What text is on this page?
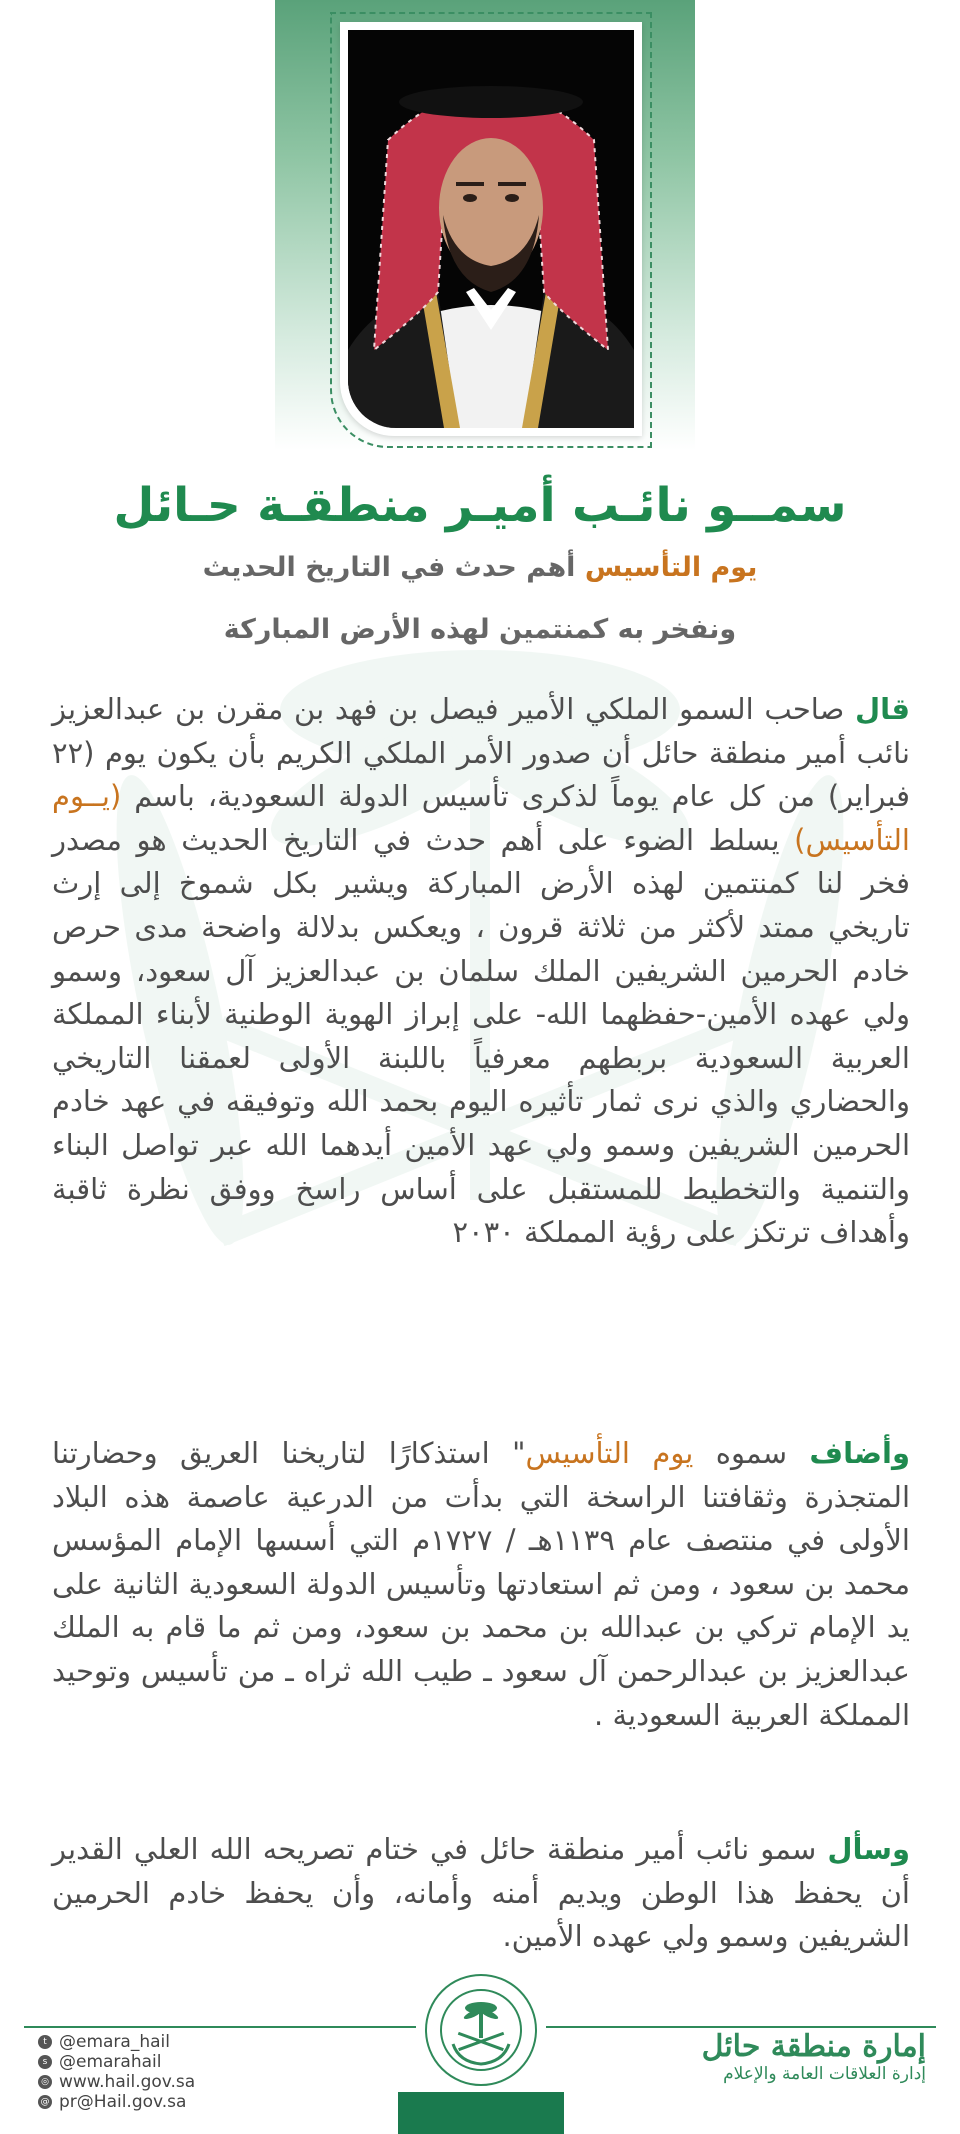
سمــو نائـب أميـر منطقـة حـائل

يوم التأسيس أهم حدث في التاريخ الحديث

ونفخر به كمنتمين لهذه الأرض المباركة

قال صاحب السمو الملكي الأمير فيصل بن فهد بن مقرن بن عبدالعزيز نائب أمير منطقة حائل أن صدور الأمر الملكي الكريم بأن يكون يوم (٢٢ فبراير) من كل عام يوماً لذكرى تأسيس الدولة السعودية، باسم (يــوم التأسيس) يسلط الضوء على أهم حدث في التاريخ الحديث هو مصدر فخر لنا كمنتمين لهذه الأرض المباركة ويشير بكل شموخ إلى إرث تاريخي ممتد لأكثر من ثلاثة قرون ، ويعكس بدلالة واضحة مدى حرص خادم الحرمين الشريفين الملك سلمان بن عبدالعزيز آل سعود، وسمو ولي عهده الأمين-حفظهما الله- على إبراز الهوية الوطنية لأبناء المملكة العربية السعودية بربطهم معرفياً باللبنة الأولى لعمقنا التاريخي والحضاري والذي نرى ثمار تأثيره اليوم بحمد الله وتوفيقه في عهد خادم الحرمين الشريفين وسمو ولي عهد الأمين أيدهما الله عبر تواصل البناء والتنمية والتخطيط للمستقبل على أساس راسخ ووفق نظرة ثاقبة وأهداف ترتكز على رؤية المملكة ٢٠٣٠

وأضاف سموه يوم التأسيس" استذكارًا لتاريخنا العريق وحضارتنا المتجذرة وثقافتنا الراسخة التي بدأت من الدرعية عاصمة هذه البلاد الأولى في منتصف عام ١١٣٩هـ / ١٧٢٧م التي أسسها الإمام المؤسس محمد بن سعود ، ومن ثم استعادتها وتأسيس الدولة السعودية الثانية على يد الإمام تركي بن عبدالله بن محمد بن سعود، ومن ثم ما قام به الملك عبدالعزيز بن عبدالرحمن آل سعود ـ طيب الله ثراه ـ من تأسيس وتوحيد المملكة العربية السعودية .

وسأل سمو نائب أمير منطقة حائل في ختام تصريحه الله العلي القدير أن يحفظ هذا الوطن ويديم أمنه وأمانه، وأن يحفظ خادم الحرمين الشريفين وسمو ولي عهده الأمين.

t @emara_hail
s @emarahail
◎ www.hail.gov.sa
@ pr@Hail.gov.sa
إمارة منطقة حائل
إدارة العلاقات العامة والإعلام
